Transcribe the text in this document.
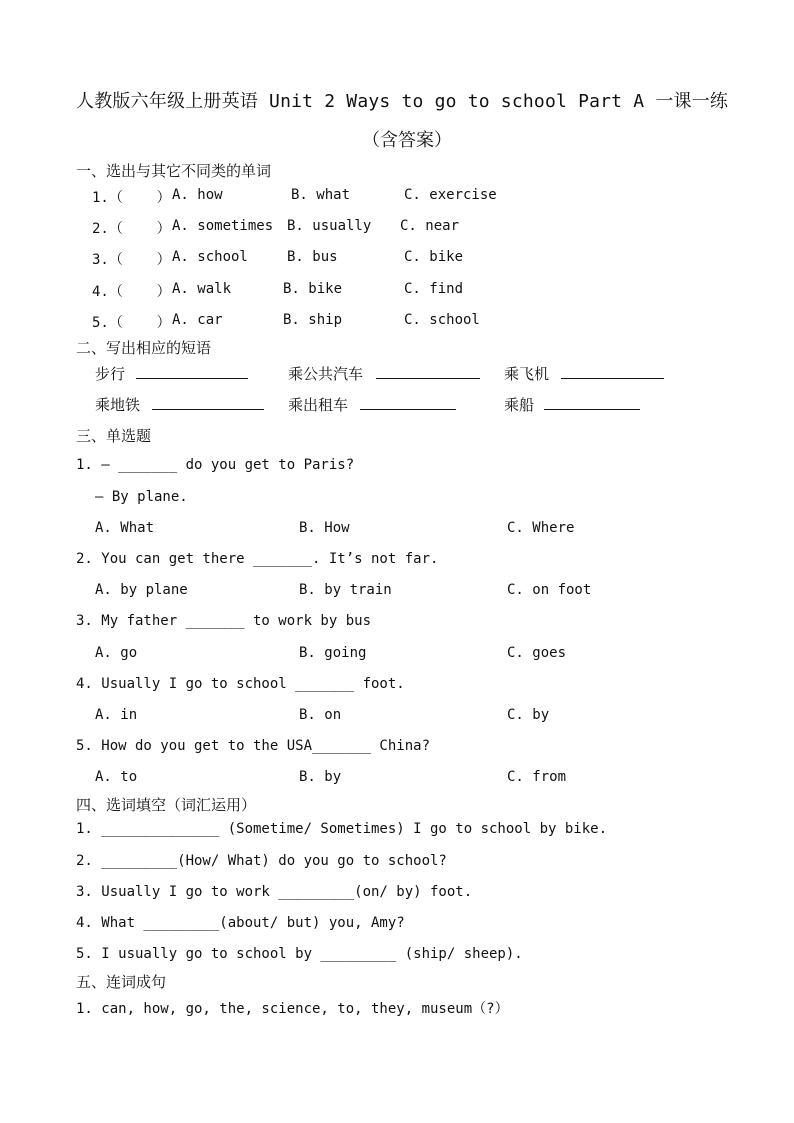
人教版六年级上册英语 Unit 2 Ways to go to school Part A 一课一练
（含答案）
一、选出与其它不同类的单词
1.（    ） A. how	B. what	C. exercise
2.（    ） A. sometimes B. usually C. near
3.（    ） A. school	B. bus	C. bike
4.（    ） A. walk	B. bike	C. find
5.（    ） A. car	B. ship	C. school
二、写出相应的短语
步行	乘公共汽车	乘飞机
乘地铁	乘出租车	乘船
三、单选题
1. — _______ do you get to Paris?
— By plane.
A. What	B. How	C. Where
2. You can get there _______. It’s not far.
A. by plane	B. by train	C. on foot
3. My father _______ to work by bus
A. go	B. going	C. goes
4. Usually I go to school _______ foot.
A. in	B. on	C. by
5. How do you get to the USA_______ China?
A. to	B. by	C. from
四、选词填空（词汇运用）
1. ______________ (Sometime/ Sometimes) I go to school by bike.
2. _________(How/ What) do you go to school?
3. Usually I go to work _________(on/ by) foot.
4. What _________(about/ but) you, Amy?
5. I usually go to school by _________ (ship/ sheep).
五、连词成句
1. can, how, go, the, science, to, they, museum（?）
